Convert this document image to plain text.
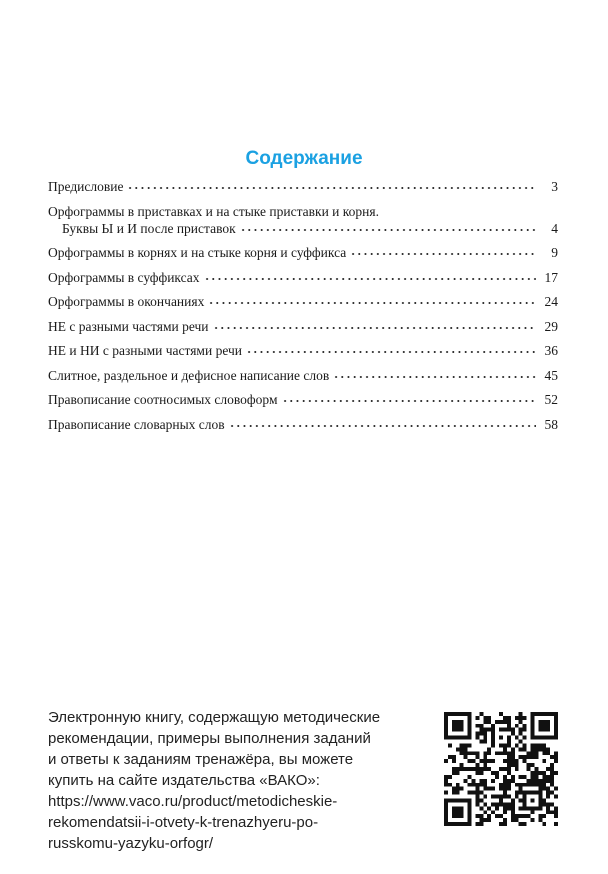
Содержание
Предисловие	3
Орфограммы в приставках и на стыке приставки и корня.
Буквы Ы и И после приставок	4
Орфограммы в корнях и на стыке корня и суффикса	9
Орфограммы в суффиксах	17
Орфограммы в окончаниях	24
НЕ с разными частями речи	29
НЕ и НИ с разными частями речи	36
Слитное, раздельное и дефисное написание слов	45
Правописание соотносимых словоформ	52
Правописание словарных слов	58
Электронную книгу, содержащую методические
рекомендации, примеры выполнения заданий
и ответы к заданиям тренажёра, вы можете
купить на сайте издательства «ВАКО»:
https://www.vaco.ru/product/metodicheskie-
rekomendatsii-i-otvety-k-trenazhyeru-po-
russkomu-yazyku-orfogr/
